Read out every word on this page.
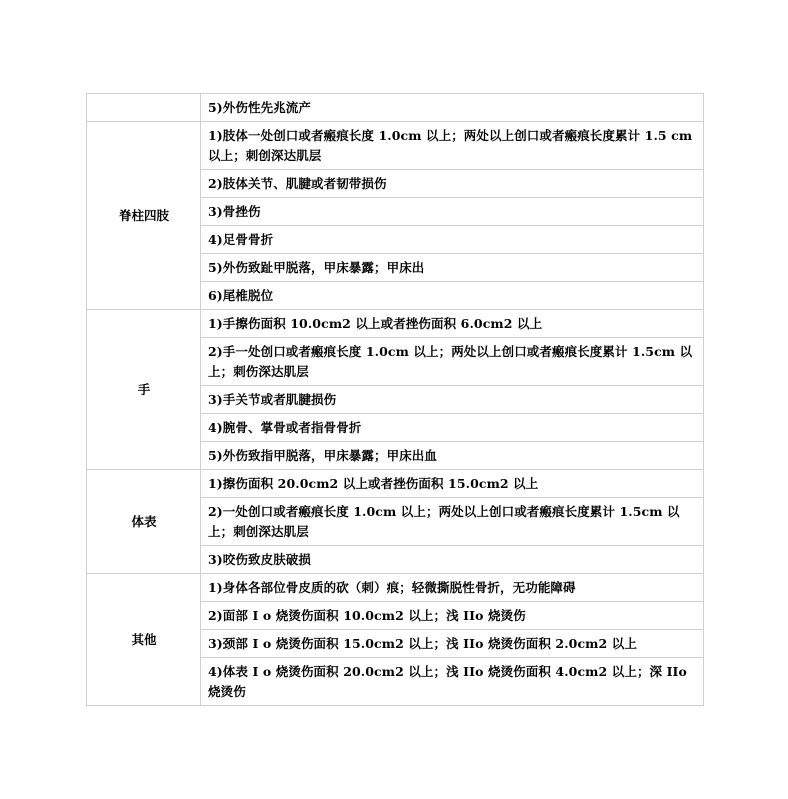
	5)外伤性先兆流产
脊柱四肢	1)肢体一处创口或者瘢痕长度 1.0cm 以上；两处以上创口或者瘢痕长度累计 1.5 cm 以上；刺创深达肌层
	2)肢体关节、肌腱或者韧带损伤
	3)骨挫伤
	4)足骨骨折
	5)外伤致趾甲脱落，甲床暴露；甲床出
	6)尾椎脱位
手	1)手擦伤面积 10.0cm2 以上或者挫伤面积 6.0cm2 以上
	2)手一处创口或者瘢痕长度 1.0cm 以上；两处以上创口或者瘢痕长度累计 1.5cm 以上；刺伤深达肌层
	3)手关节或者肌腱损伤
	4)腕骨、掌骨或者指骨骨折
	5)外伤致指甲脱落，甲床暴露；甲床出血
体表	1)擦伤面积 20.0cm2 以上或者挫伤面积 15.0cm2 以上
	2)一处创口或者瘢痕长度 1.0cm 以上；两处以上创口或者瘢痕长度累计 1.5cm 以上；刺创深达肌层
	3)咬伤致皮肤破损
其他	1)身体各部位骨皮质的砍（刺）痕；轻微撕脱性骨折，无功能障碍
	2)面部 I o 烧烫伤面积 10.0cm2 以上；浅 IIo 烧烫伤
	3)颈部 I o 烧烫伤面积 15.0cm2 以上；浅 IIo 烧烫伤面积 2.0cm2 以上
	4)体表 I o 烧烫伤面积 20.0cm2 以上；浅 IIo 烧烫伤面积 4.0cm2 以上；深 IIo 烧烫伤
